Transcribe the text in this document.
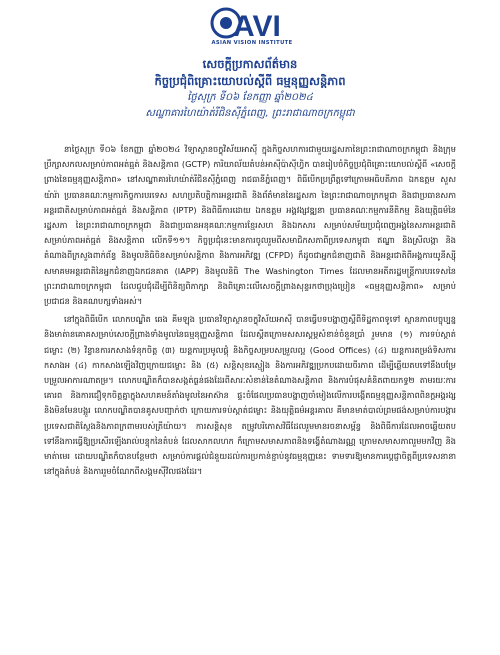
AVI
ASIAN VISION INSTITUTE
សេចក្តីប្រកាសព័ត៌មាន
កិច្ចប្រជុំពិគ្រោះយោបល់ស្តីពី ធម្មនុញ្ញសន្តិភាព
ថ្ងៃសុក្រ ទី០៦ ខែកញ្ញា ឆ្នាំ២០២៤
សណ្ឋាគារហៃយ៉ាត់រីជិនស៊ីភ្នំពេញ, ព្រះរាជាណាចក្រកម្ពុជា

នាថ្ងៃសុក្រ ទី០៦ ខែកញ្ញា ឆ្នាំ២០២៤ វិទ្យាស្ថានចក្ខុវិស័យអាស៊ី ក្នុងកិច្ចសហការជាមួយរដ្ឋសភានៃព្រះរាជាណាចក្រកម្ពុជា និងក្រុមប្រឹក្សាសកលសម្រាប់ភាពអត់ធ្មត់ និងសន្តិភាព (GCTP) ការិយាល័យតំបន់អាស៊ីប៉ាស៊ីហ្វិក បានរៀបចំកិច្ចប្រជុំពិគ្រោះយោបល់ស្តីពី «សេចក្តីព្រាងនៃធម្មនុញ្ញសន្តិភាព» នៅសណ្ឋាគារហៃយ៉ាត់រីជិនស៊ីភ្នំពេញ រាជធានីភ្នំពេញ។ ពិធីបើកប្រព្រឹត្តទៅក្រោមអធិបតីភាព ឯកឧត្តម សួស យ៉ារ៉ា ប្រធានគណៈកម្មការកិច្ចការបរទេស សហប្រតិបត្តិការអន្តរជាតិ និងព័ត៌មាននៃរដ្ឋសភា នៃព្រះរាជាណាចក្រកម្ពុជា និងជាប្រធានសភាអន្តរជាតិសម្រាប់ភាពអត់ធ្មត់ និងសន្តិភាព (IPTP) និងពិធីការដោយ ឯកឧត្តម អង្គវង្សវឌ្ឍនា ប្រធានគណៈកម្មការនីតិកម្ម និងយុត្តិធម៌នៃរដ្ឋសភា នៃព្រះរាជាណាចក្រកម្ពុជា និងជាប្រធានអនុគណៈកម្មការខ្មែរសហ និងឯកសារ សម្រាប់សម័យប្រជុំពេញអង្គនៃសភាអន្តរជាតិសម្រាប់ភាពអត់ធ្មត់ និងសន្តិភាព លើកទី១១។ កិច្ចប្រជុំនេះមានការចូលរួមពីសមាជិកសភាពីប្រទេសកម្ពុជា ឥណ្ឌា និងស្រីលង្កា និងតំណាងពីក្រសួងពាក់ព័ន្ធ និងមូលនិធិចិនសម្រាប់សន្តិភាព និងការអភិវឌ្ឍ (CFPD) ក៏ដូចជាអ្នកជំនាញជាតិ និងអន្តរជាតិពីអង្គការយូនីស្ស៊ី សមាគមអន្តរជាតិនៃអ្នកជំនាញឯកជនគាត (IAPP) និងមូលនិធិ The Washington Times ដែលមានអតីតរដ្ឋមន្ត្រីការបរទេសនៃព្រះរាជាណាចក្រកម្ពុជា ដែលជួបជុំដើម្បីពិនិត្យពិភាក្សា និងពិគ្រោះលើសេចក្តីព្រាងសុន្ទរកថាប្រុងប្រៀន «ធម្មនុញ្ញសន្តិភាព» សម្រាប់ប្រជាជន និងគណបក្សទាំងអស់។

នៅក្នុងពិធីបើក លោកបណ្ឌិត ឆេង គីមឡុង ប្រធានវិទ្យាស្ថានចក្ខុវិស័យអាស៊ី បានធ្វើបទបង្ហាញស្តីពីទិដ្ឋភាពទូទៅ ស្ថានភាពបច្ចុប្បន្ន និងមាត់ានគោគសម្រាប់សេចក្តីព្រាងទាំងមូលនៃធម្មនុញ្ញសន្តិភាព ដែលស្តីតក្រោមសសរស្តម្ភសំខាន់ចំនួនប្រាំ រួមមាន (១) ការទប់ស្កាត់ជម្លោះ (២) វិន្ធានការកសាងទំនុកចិត្ត (៣) យន្តការប្រមូលផ្តុំ និងកិច្ចសម្របសម្រួលល្អ (Good Offices) (៤) យន្តការតម្រង់ទិសការកសាងអ (៤) កាកសាងឡើងវិញក្រោយជម្លោះ និង (៥) សន្តិសុខរស្មៀង និងការអភិវឌ្ឍប្រកបដោយចីរភាព ដើម្បីឆ្លើយតបទៅនឹងបម្រែបម្រួលអាការណាតម្រ។ លោកបណ្ឌិតក៏បានសង្កត់ធ្ងន់ផងដែរពីសារៈសំខាន់នៃតំណាងសន្តិភាព និងការបំផុសគំនិតពាយកទ្វ២ តាមរយៈការគោរព និងការជឿទុកចិត្តគ្នាក្នុងសហគមន៍តាំងមូលនៃអាស៊ាន ផ្ទះ​ចំផែលប្រធានបង្ហាញចាំមៀងលើការបង្កើតធម្មនុញ្ញសន្តិភាពពិនក្តអង្គរង្ស និងមិនមែនបង្អួរ លោកបណ្ឌិតបានគូសបញ្ជាក់ថា ក្រោយការទប់ស្កាត់ជម្លោះ និងយុត្តិធម៌អន្តរគាល គឺមានមាត់បាល់ព្រមផង់សម្រាប់ការបង្ការប្រទេសជាតិស្ថែងនិងភាពក្រពាមរបស់ត្រីយ៉ាយ។ ការសន្តិសុខ តម្រូវបរិភោសវិធីដែលរួមមានរចនាសម្ព័ន្ធ និងពិធីការដែលអាចឆ្លើយតបទៅនឹងការធ្វើឱ្យប្រសើរឡើងរាល់បន្ទុកនៃតំបន់ ដែលសាកលហក ក៏ក្រោមសមាសភាពនិងទង្វើតំណាងរណ្ណ ក្រោមសមាសភាពរួមមកវិញ និងមាត់ាមេរ ដោយបណ្ឌិតក៏បានបន្ថែមថា សម្រាប់ការផ្តល់ជំនួយដល់ការប្រកាន់ខ្ជាប់នូវធម្មនុញ្ញនេះ ទាមទារឱ្យមានការប្តេជ្ញាចិត្តពីប្រទេសនានានៅក្នុងតំបន់ និងការរួមចំណែកពីសង្គមស៊ីវិលផងដែរ។
